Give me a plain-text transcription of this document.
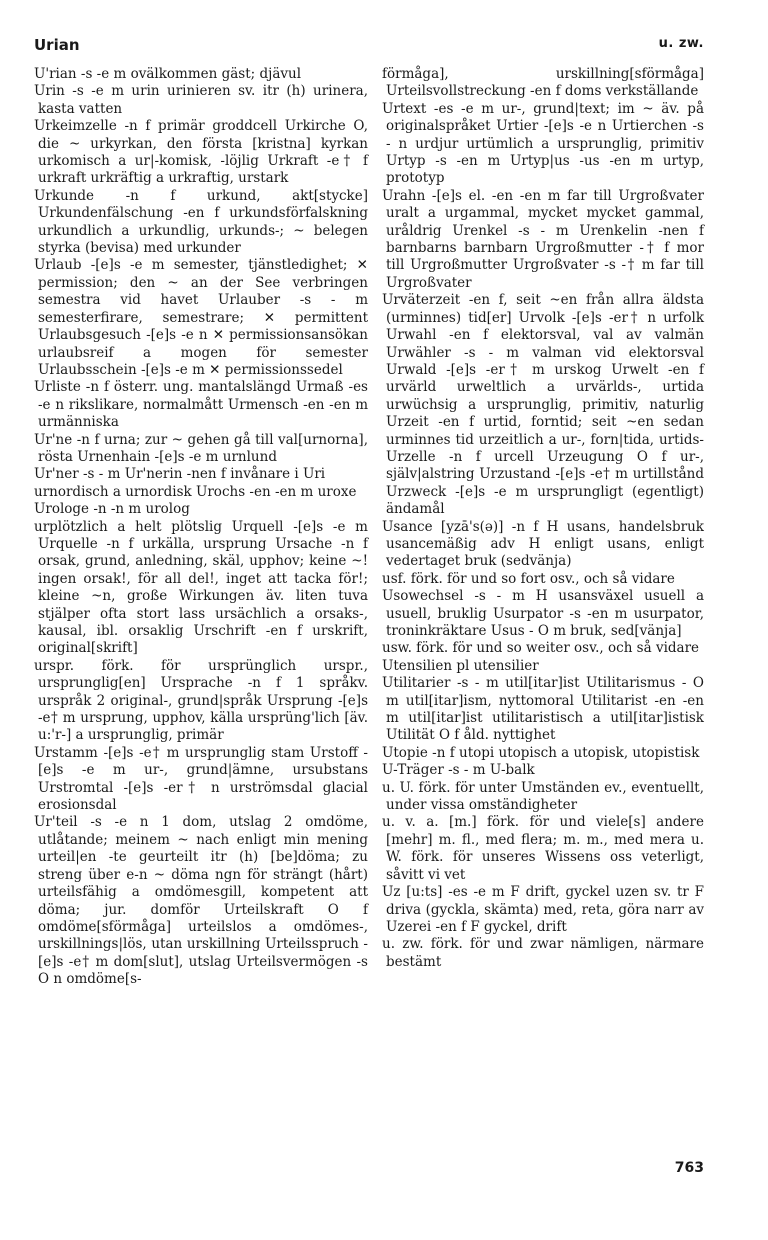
Urian	u. zw.

U'rian -s -e m ovälkommen gäst; djävul

Urin -s -e m urin urinieren sv. itr (h) urinera, kasta vatten

Urkeimzelle -n f primär groddcell Urkirche O, die ~ urkyrkan, den första [kristna] kyrkan urkomisch a ur|-komisk, -löjlig Urkraft -e† f urkraft urkräftig a urkraftig, urstark

Urkunde -n f urkund, akt[stycke] Urkundenfälschung -en f urkundsförfalskning urkundlich a urkundlig, urkunds-; ~ belegen styrka (bevisa) med urkunder

Urlaub -[e]s -e m semester, tjänstledighet; ✕ permission; den ~ an der See verbringen semestra vid havet Urlauber -s - m semesterfirare, semestrare; ✕ permittent Urlaubsgesuch -[e]s -e n ✕ permissionsansökan urlaubsreif a mogen för semester Urlaubsschein -[e]s -e m ✕ permissionssedel

Urliste -n f österr. ung. mantalslängd Urmaß -es -e n rikslikare, normalmått Urmensch -en -en m urmänniska

Ur'ne -n f urna; zur ~ gehen gå till val[urnorna], rösta Urnenhain -[e]s -e m urnlund

Ur'ner -s - m Ur'nerin -nen f invånare i Uri

urnordisch a urnordisk Urochs -en -en m uroxe

Urologe -n -n m urolog

urplötzlich a helt plötslig Urquell -[e]s -e m Urquelle -n f urkälla, ursprung Ursache -n f orsak, grund, anledning, skäl, upphov; keine ~! ingen orsak!, för all del!, inget att tacka för!; kleine ~n, große Wirkungen äv. liten tuva stjälper ofta stort lass ursächlich a orsaks-, kausal, ibl. orsaklig Urschrift -en f urskrift, original[skrift]

urspr. förk. för ursprünglich urspr., ursprunglig[en] Ursprache -n f 1 språkv. urspråk 2 original-, grund|språk Ursprung -[e]s -e† m ursprung, upphov, källa ursprüng'lich [äv. u:'r-] a ursprunglig, primär

Urstamm -[e]s -e† m ursprunglig stam Urstoff -[e]s -e m ur-, grund|ämne, ursubstans Urstromtal -[e]s -er† n urströmsdal glacial erosionsdal

Ur'teil -s -e n 1 dom, utslag 2 omdöme, utlåtande; meinem ~ nach enligt min mening urteil|en -te geurteilt itr (h) [be]döma; zu streng über e-n ~ döma ngn för strängt (hårt) urteilsfähig a omdömesgill, kompetent att döma; jur. domför Urteilskraft O f omdöme[sförmåga] urteilslos a omdömes-, urskillnings|lös, utan urskillning Urteilsspruch -[e]s -e† m dom[slut], utslag Urteilsvermögen -s O n omdöme[s-

förmåga], urskillning[sförmåga] Urteilsvollstreckung -en f doms verkställande

Urtext -es -e m ur-, grund|text; im ~ äv. på originalspråket Urtier -[e]s -e n Urtierchen -s - n urdjur urtümlich a ursprunglig, primitiv Urtyp -s -en m Urtyp|us -us -en m urtyp, prototyp

Urahn -[e]s el. -en -en m far till Urgroßvater uralt a urgammal, mycket mycket gammal, uråldrig Urenkel -s - m Urenkelin -nen f barnbarns barnbarn Urgroßmutter -† f mor till Urgroßmutter Urgroßvater -s -† m far till Urgroßvater

Urväterzeit -en f, seit ~en från allra äldsta (urminnes) tid[er] Urvolk -[e]s -er† n urfolk Urwahl -en f elektorsval, val av valmän Urwähler -s - m valman vid elektorsval Urwald -[e]s -er† m urskog Urwelt -en f urvärld urweltlich a urvärlds-, urtida urwüchsig a ursprunglig, primitiv, naturlig Urzeit -en f urtid, forntid; seit ~en sedan urminnes tid urzeitlich a ur-, forn|tida, urtids- Urzelle -n f urcell Urzeugung O f ur-, själv|alstring Urzustand -[e]s -e† m urtillstånd Urzweck -[e]s -e m ursprungligt (egentligt) ändamål

Usance [yzā's(ə)] -n f H usans, handelsbruk usancemäßig adv H enligt usans, enligt vedertaget bruk (sedvänja)

usf. förk. för und so fort osv., och så vidare

Usowechsel -s - m H usansväxel usuell a usuell, bruklig Usurpator -s -en m usurpator, troninkräktare Usus - O m bruk, sed[vänja]

usw. förk. för und so weiter osv., och så vidare

Utensilien pl utensilier

Utilitarier -s - m util[itar]ist Utilitarismus - O m util[itar]ism, nyttomoral Utilitarist -en -en m util[itar]ist utilitaristisch a util[itar]istisk Utilität O f åld. nyttighet

Utopie -n f utopi utopisch a utopisk, utopistisk

U-Träger -s - m U-balk

u. U. förk. för unter Umständen ev., eventuellt, under vissa omständigheter

u. v. a. [m.] förk. för und viele[s] andere [mehr] m. fl., med flera; m. m., med mera u. W. förk. för unseres Wissens oss veterligt, såvitt vi vet

Uz [u:ts] -es -e m F drift, gyckel uzen sv. tr F driva (gyckla, skämta) med, reta, göra narr av Uzerei -en f F gyckel, drift

u. zw. förk. för und zwar nämligen, närmare bestämt

763
